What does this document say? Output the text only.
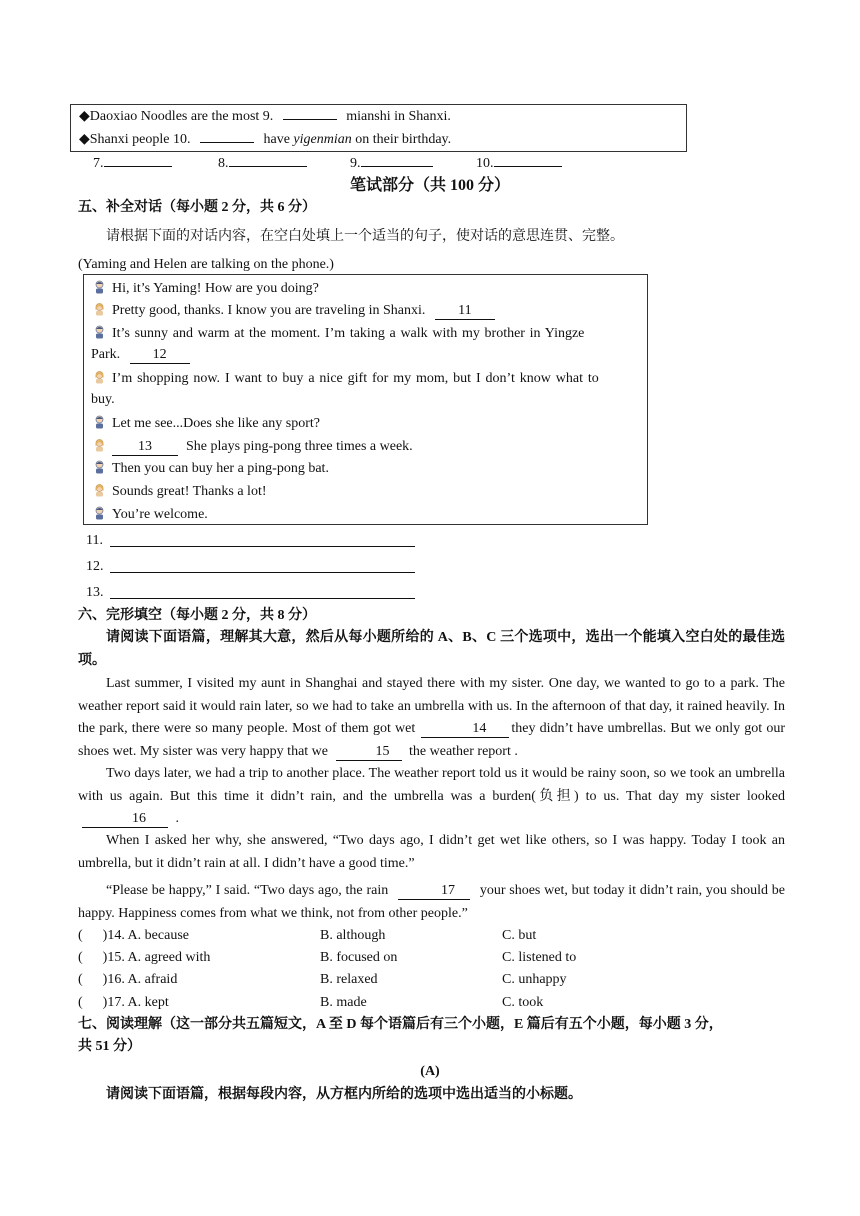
◆Daoxiao Noodles are the most 9.	mianshi in Shanxi.
◆Shanxi people 10.	have yigenmian on their birthday.
7.	8.	9.	10.
笔试部分（共 100 分）
五、补全对话（每小题 2 分，共 6 分）
请根据下面的对话内容，在空白处填上一个适当的句子，使对话的意思连贯、完整。
(Yaming and Helen are talking on the phone.)
Hi, it’s Yaming! How are you doing?
Pretty good, thanks. I know you are traveling in Shanxi. 11
It’s sunny and warm at the moment. I’m taking a walk with my brother in Yingze
Park. 12
I’m shopping now. I want to buy a nice gift for my mom, but I don’t know what to
buy.
Let me see...Does she like any sport?
13 She plays ping-pong three times a week.
Then you can buy her a ping-pong bat.
Sounds great! Thanks a lot!
You’re welcome.
11.
12.
13.
六、完形填空（每小题 2 分，共 8 分）
请阅读下面语篇，理解其大意，然后从每小题所给的 A、B、C 三个选项中，选出一个能填入空白处的最佳选项。
Last summer, I visited my aunt in Shanghai and stayed there with my sister. One day, we wanted to go to a park. The weather report said it would rain later, so we had to take an umbrella with us. In the afternoon of that day, it rained heavily. In the park, there were so many people. Most of them got wet	14 they didn’t have umbrellas. But we only got our shoes wet. My sister was very happy that we	15 the weather report .
Two days later, we had a trip to another place. The weather report told us it would be rainy soon, so we took an umbrella with us again. But this time it didn’t rain, and the umbrella was a burden(负担) to us. That day my sister looked 16 .
When I asked her why, she answered, “Two days ago, I didn’t get wet like others, so I was happy. Today I took an umbrella, but it didn’t rain at all. I didn’t have a good time.”
“Please be happy,” I said. “Two days ago, the rain	17 your shoes wet, but today it didn’t rain, you should be happy. Happiness comes from what we think, not from other people.”
( )14. A. because	B. although	C. but
( )15. A. agreed with	B. focused on	C. listened to
( )16. A. afraid	B. relaxed	C. unhappy
( )17. A. kept	B. made	C. took
七、阅读理解（这一部分共五篇短文，A 至 D 每个语篇后有三个小题，E 篇后有五个小题，每小题 3 分，
共 51 分）
(A)
请阅读下面语篇，根据每段内容，从方框内所给的选项中选出适当的小标题。
